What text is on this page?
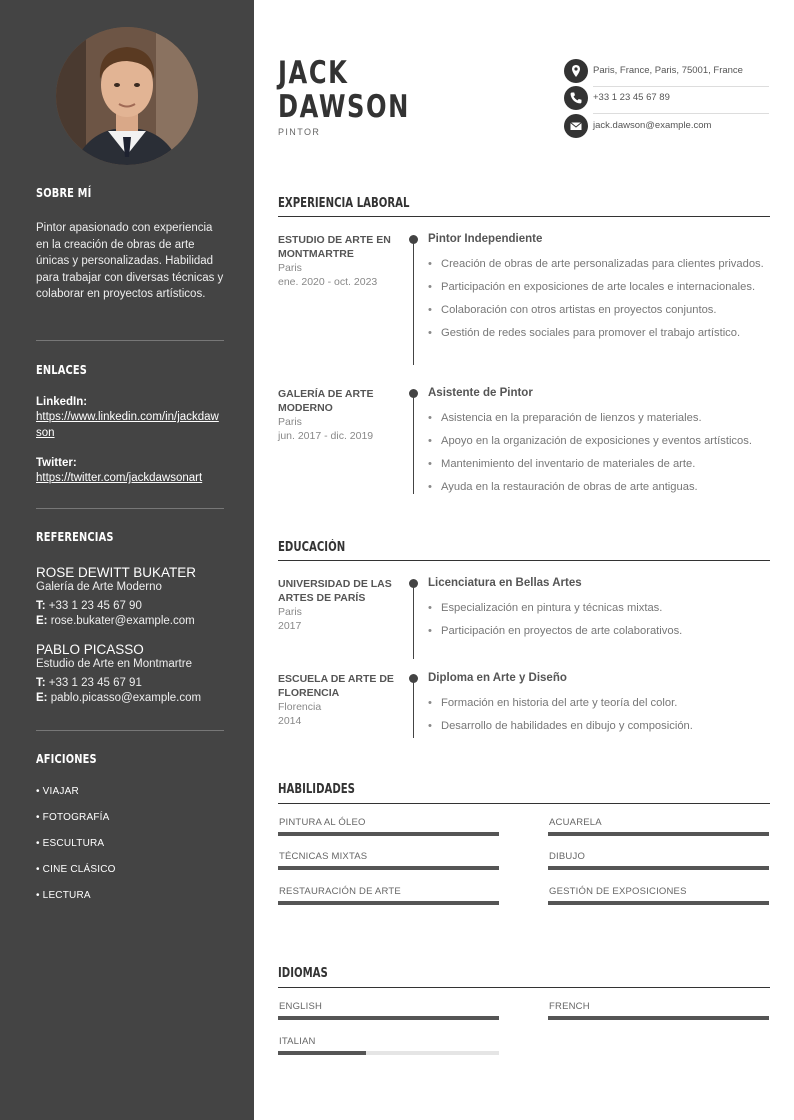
SOBRE MÍ
Pintor apasionado con experiencia en la creación de obras de arte únicas y personalizadas. Habilidad para trabajar con diversas técnicas y colaborar en proyectos artísticos.
ENLACES
LinkedIn:
https://www.linkedin.com/in/jackdawson
Twitter:
https://twitter.com/jackdawsonart
REFERENCIAS
ROSE DEWITT BUKATER
Galería de Arte Moderno
T: +33 1 23 45 67 90
E: rose.bukater@example.com
PABLO PICASSO
Estudio de Arte en Montmartre
T: +33 1 23 45 67 91
E: pablo.picasso@example.com
AFICIONES
• VIAJAR
• FOTOGRAFÍA
• ESCULTURA
• CINE CLÁSICO
• LECTURA
JACK
DAWSON
PINTOR
Paris, France, Paris, 75001, France
+33 1 23 45 67 89
jack.dawson@example.com
EXPERIENCIA LABORAL
ESTUDIO DE ARTE EN MONTMARTRE
Paris
ene. 2020 - oct. 2023
Pintor Independiente
• Creación de obras de arte personalizadas para clientes privados.
• Participación en exposiciones de arte locales e internacionales.
• Colaboración con otros artistas en proyectos conjuntos.
• Gestión de redes sociales para promover el trabajo artístico.
GALERÍA DE ARTE MODERNO
Paris
jun. 2017 - dic. 2019
Asistente de Pintor
• Asistencia en la preparación de lienzos y materiales.
• Apoyo en la organización de exposiciones y eventos artísticos.
• Mantenimiento del inventario de materiales de arte.
• Ayuda en la restauración de obras de arte antiguas.
EDUCACIÓN
UNIVERSIDAD DE LAS ARTES DE PARÍS
Paris
2017
Licenciatura en Bellas Artes
• Especialización en pintura y técnicas mixtas.
• Participación en proyectos de arte colaborativos.
ESCUELA DE ARTE DE FLORENCIA
Florencia
2014
Diploma en Arte y Diseño
• Formación en historia del arte y teoría del color.
• Desarrollo de habilidades en dibujo y composición.
HABILIDADES
PINTURA AL ÓLEO	ACUARELA
TÉCNICAS MIXTAS	DIBUJO
RESTAURACIÓN DE ARTE	GESTIÓN DE EXPOSICIONES
IDIOMAS
ENGLISH	FRENCH
ITALIAN
